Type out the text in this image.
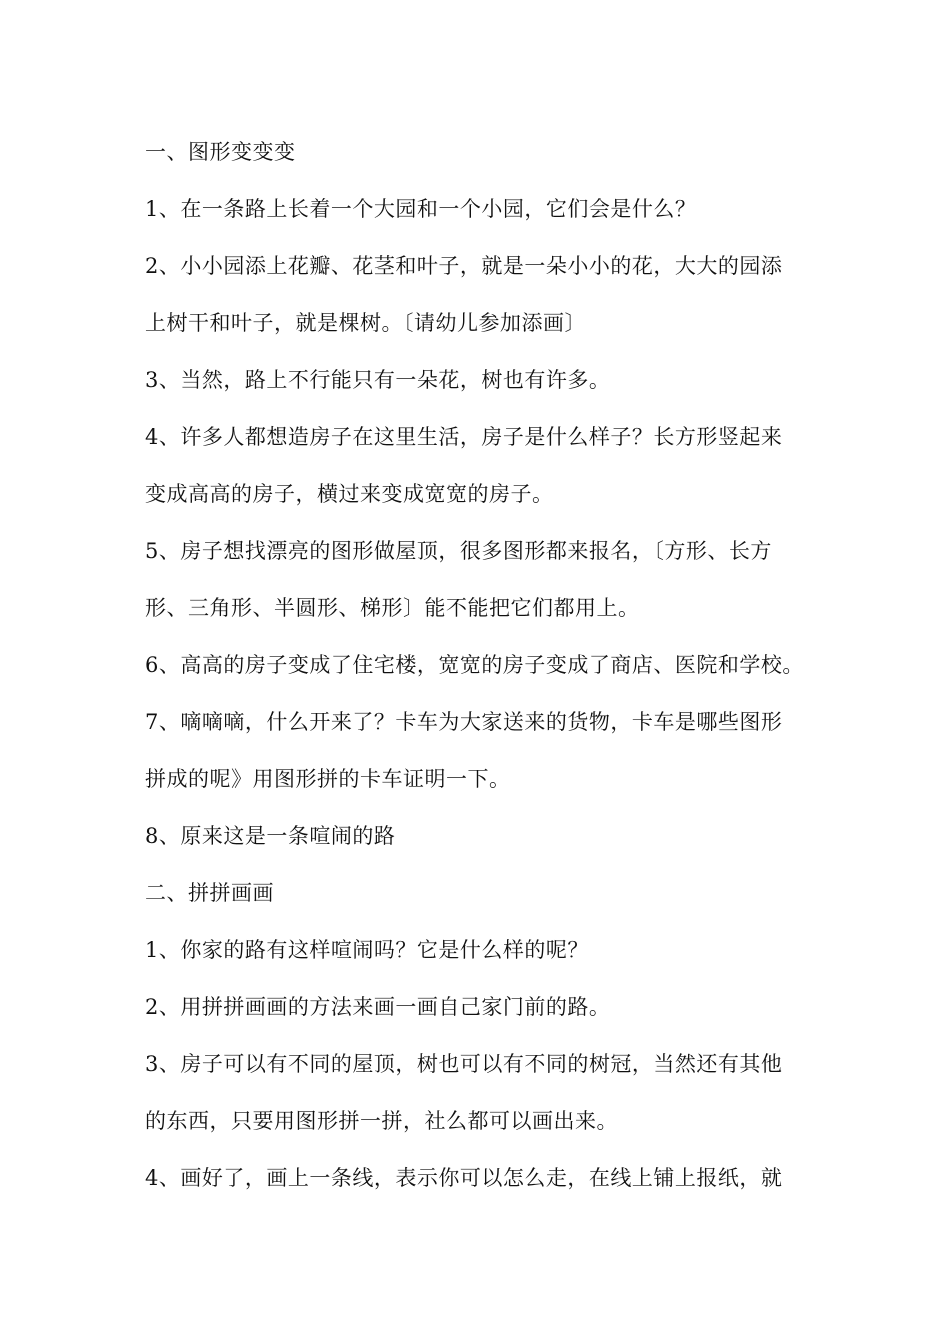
一、图形变变变
1、在一条路上长着一个大园和一个小园，它们会是什么？
2、小小园添上花瓣、花茎和叶子，就是一朵小小的花，大大的园添
上树干和叶子，就是棵树。〔请幼儿参加添画〕
3、当然，路上不行能只有一朵花，树也有许多。
4、许多人都想造房子在这里生活，房子是什么样子？长方形竖起来
变成高高的房子，横过来变成宽宽的房子。
5、房子想找漂亮的图形做屋顶，很多图形都来报名，〔方形、长方
形、三角形、半圆形、梯形〕能不能把它们都用上。
6、高高的房子变成了住宅楼，宽宽的房子变成了商店、医院和学校。
7、嘀嘀嘀，什么开来了？卡车为大家送来的货物，卡车是哪些图形
拼成的呢》用图形拼的卡车证明一下。
8、原来这是一条喧闹的路
二、拼拼画画
1、你家的路有这样喧闹吗？它是什么样的呢？
2、用拼拼画画的方法来画一画自己家门前的路。
3、房子可以有不同的屋顶，树也可以有不同的树冠，当然还有其他
的东西，只要用图形拼一拼，社么都可以画出来。
4、画好了，画上一条线，表示你可以怎么走，在线上铺上报纸，就
